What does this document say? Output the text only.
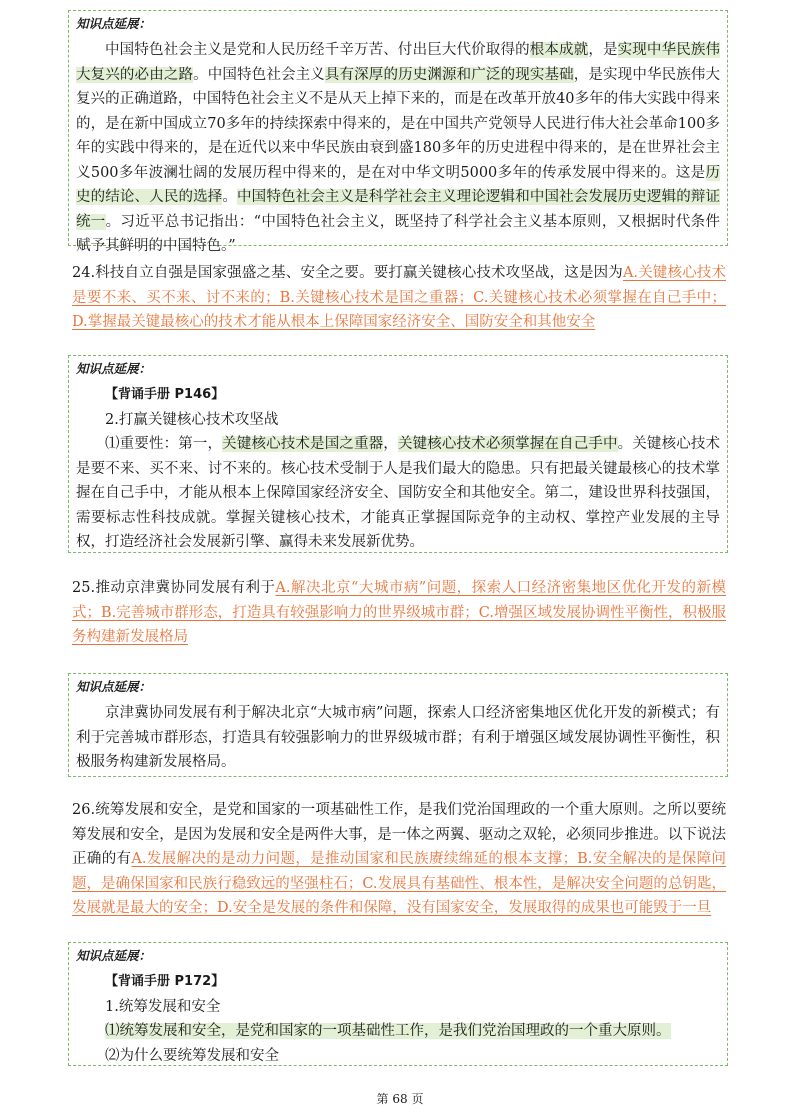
知识点延展：

中国特色社会主义是党和人民历经千辛万苦、付出巨大代价取得的根本成就，是实现中华民族伟大复兴的必由之路。中国特色社会主义具有深厚的历史渊源和广泛的现实基础，是实现中华民族伟大复兴的正确道路，中国特色社会主义不是从天上掉下来的，而是在改革开放40多年的伟大实践中得来的，是在新中国成立70多年的持续探索中得来的，是在中国共产党领导人民进行伟大社会革命100多年的实践中得来的，是在近代以来中华民族由衰到盛180多年的历史进程中得来的，是在世界社会主义500多年波澜壮阔的发展历程中得来的，是在对中华文明5000多年的传承发展中得来的。这是历史的结论、人民的选择。中国特色社会主义是科学社会主义理论逻辑和中国社会发展历史逻辑的辩证统一。习近平总书记指出：“中国特色社会主义，既坚持了科学社会主义基本原则，又根据时代条件赋予其鲜明的中国特色。”

24.科技自立自强是国家强盛之基、安全之要。要打赢关键核心技术攻坚战，这是因为A.关键核心技术是要不来、买不来、讨不来的；B.关键核心技术是国之重器；C.关键核心技术必须掌握在自己手中；D.掌握最关键最核心的技术才能从根本上保障国家经济安全、国防安全和其他安全

知识点延展：
【背诵手册 P146】
2.打赢关键核心技术攻坚战

⑴重要性：第一，关键核心技术是国之重器，关键核心技术必须掌握在自己手中。关键核心技术是要不来、买不来、讨不来的。核心技术受制于人是我们最大的隐患。只有把最关键最核心的技术掌握在自己手中，才能从根本上保障国家经济安全、国防安全和其他安全。第二，建设世界科技强国，需要标志性科技成就。掌握关键核心技术，才能真正掌握国际竞争的主动权、掌控产业发展的主导权，打造经济社会发展新引擎、赢得未来发展新优势。

25.推动京津冀协同发展有利于A.解决北京“大城市病”问题，探索人口经济密集地区优化开发的新模式；B.完善城市群形态，打造具有较强影响力的世界级城市群；C.增强区域发展协调性平衡性，积极服务构建新发展格局

知识点延展：

京津冀协同发展有利于解决北京“大城市病”问题，探索人口经济密集地区优化开发的新模式；有利于完善城市群形态，打造具有较强影响力的世界级城市群；有利于增强区域发展协调性平衡性，积极服务构建新发展格局。

26.统筹发展和安全，是党和国家的一项基础性工作，是我们党治国理政的一个重大原则。之所以要统筹发展和安全，是因为发展和安全是两件大事，是一体之两翼、驱动之双轮，必须同步推进。以下说法正确的有A.发展解决的是动力问题，是推动国家和民族赓续绵延的根本支撑；B.安全解决的是保障问题，是确保国家和民族行稳致远的坚强柱石；C.发展具有基础性、根本性，是解决安全问题的总钥匙，发展就是最大的安全；D.安全是发展的条件和保障，没有国家安全，发展取得的成果也可能毁于一旦

知识点延展：
【背诵手册 P172】
1.统筹发展和安全
⑴统筹发展和安全，是党和国家的一项基础性工作，是我们党治国理政的一个重大原则。
⑵为什么要统筹发展和安全
第 68 页
